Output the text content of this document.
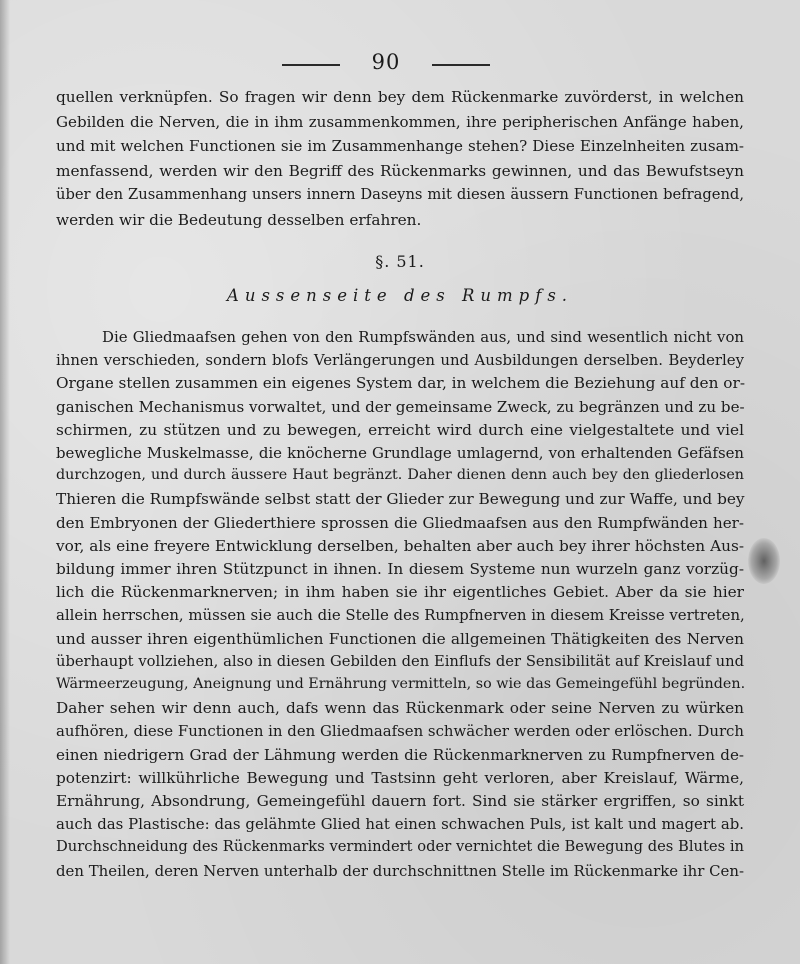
90
quellen verknüpfen. So fragen wir denn bey dem Rückenmarke zuvörderst, in welchen
Gebilden die Nerven, die in ihm zusammenkommen, ihre peripherischen Anfänge haben,
und mit welchen Functionen sie im Zusammenhange stehen? Diese Einzelnheiten zusam-
menfassend, werden wir den Begriff des Rückenmarks gewinnen, und das Bewufstseyn
über den Zusammenhang unsers innern Daseyns mit diesen äussern Functionen befragend,
werden wir die Bedeutung desselben erfahren.
§. 51.
Aussenseite des Rumpfs.
Die Gliedmaafsen gehen von den Rumpfswänden aus, und sind wesentlich nicht von
ihnen verschieden, sondern blofs Verlängerungen und Ausbildungen derselben. Beyderley
Organe stellen zusammen ein eigenes System dar, in welchem die Beziehung auf den or-
ganischen Mechanismus vorwaltet, und der gemeinsame Zweck, zu begränzen und zu be-
schirmen, zu stützen und zu bewegen, erreicht wird durch eine vielgestaltete und viel
bewegliche Muskelmasse, die knöcherne Grundlage umlagernd, von erhaltenden Gefäfsen
durchzogen, und durch äussere Haut begränzt. Daher dienen denn auch bey den gliederlosen
Thieren die Rumpfswände selbst statt der Glieder zur Bewegung und zur Waffe, und bey
den Embryonen der Gliederthiere sprossen die Gliedmaafsen aus den Rumpfwänden her-
vor, als eine freyere Entwicklung derselben, behalten aber auch bey ihrer höchsten Aus-
bildung immer ihren Stützpunct in ihnen. In diesem Systeme nun wurzeln ganz vorzüg-
lich die Rückenmarknerven; in ihm haben sie ihr eigentliches Gebiet. Aber da sie hier
allein herrschen, müssen sie auch die Stelle des Rumpfnerven in diesem Kreisse vertreten,
und ausser ihren eigenthümlichen Functionen die allgemeinen Thätigkeiten des Nerven
überhaupt vollziehen, also in diesen Gebilden den Einflufs der Sensibilität auf Kreislauf und
Wärmeerzeugung, Aneignung und Ernährung vermitteln, so wie das Gemeingefühl begründen.
Daher sehen wir denn auch, dafs wenn das Rückenmark oder seine Nerven zu würken
aufhören, diese Functionen in den Gliedmaafsen schwächer werden oder erlöschen. Durch
einen niedrigern Grad der Lähmung werden die Rückenmarknerven zu Rumpfnerven de-
potenzirt: willkührliche Bewegung und Tastsinn geht verloren, aber Kreislauf, Wärme,
Ernährung, Absondrung, Gemeingefühl dauern fort. Sind sie stärker ergriffen, so sinkt
auch das Plastische: das gelähmte Glied hat einen schwachen Puls, ist kalt und magert ab.
Durchschneidung des Rückenmarks vermindert oder vernichtet die Bewegung des Blutes in
den Theilen, deren Nerven unterhalb der durchschnittnen Stelle im Rückenmarke ihr Cen-
